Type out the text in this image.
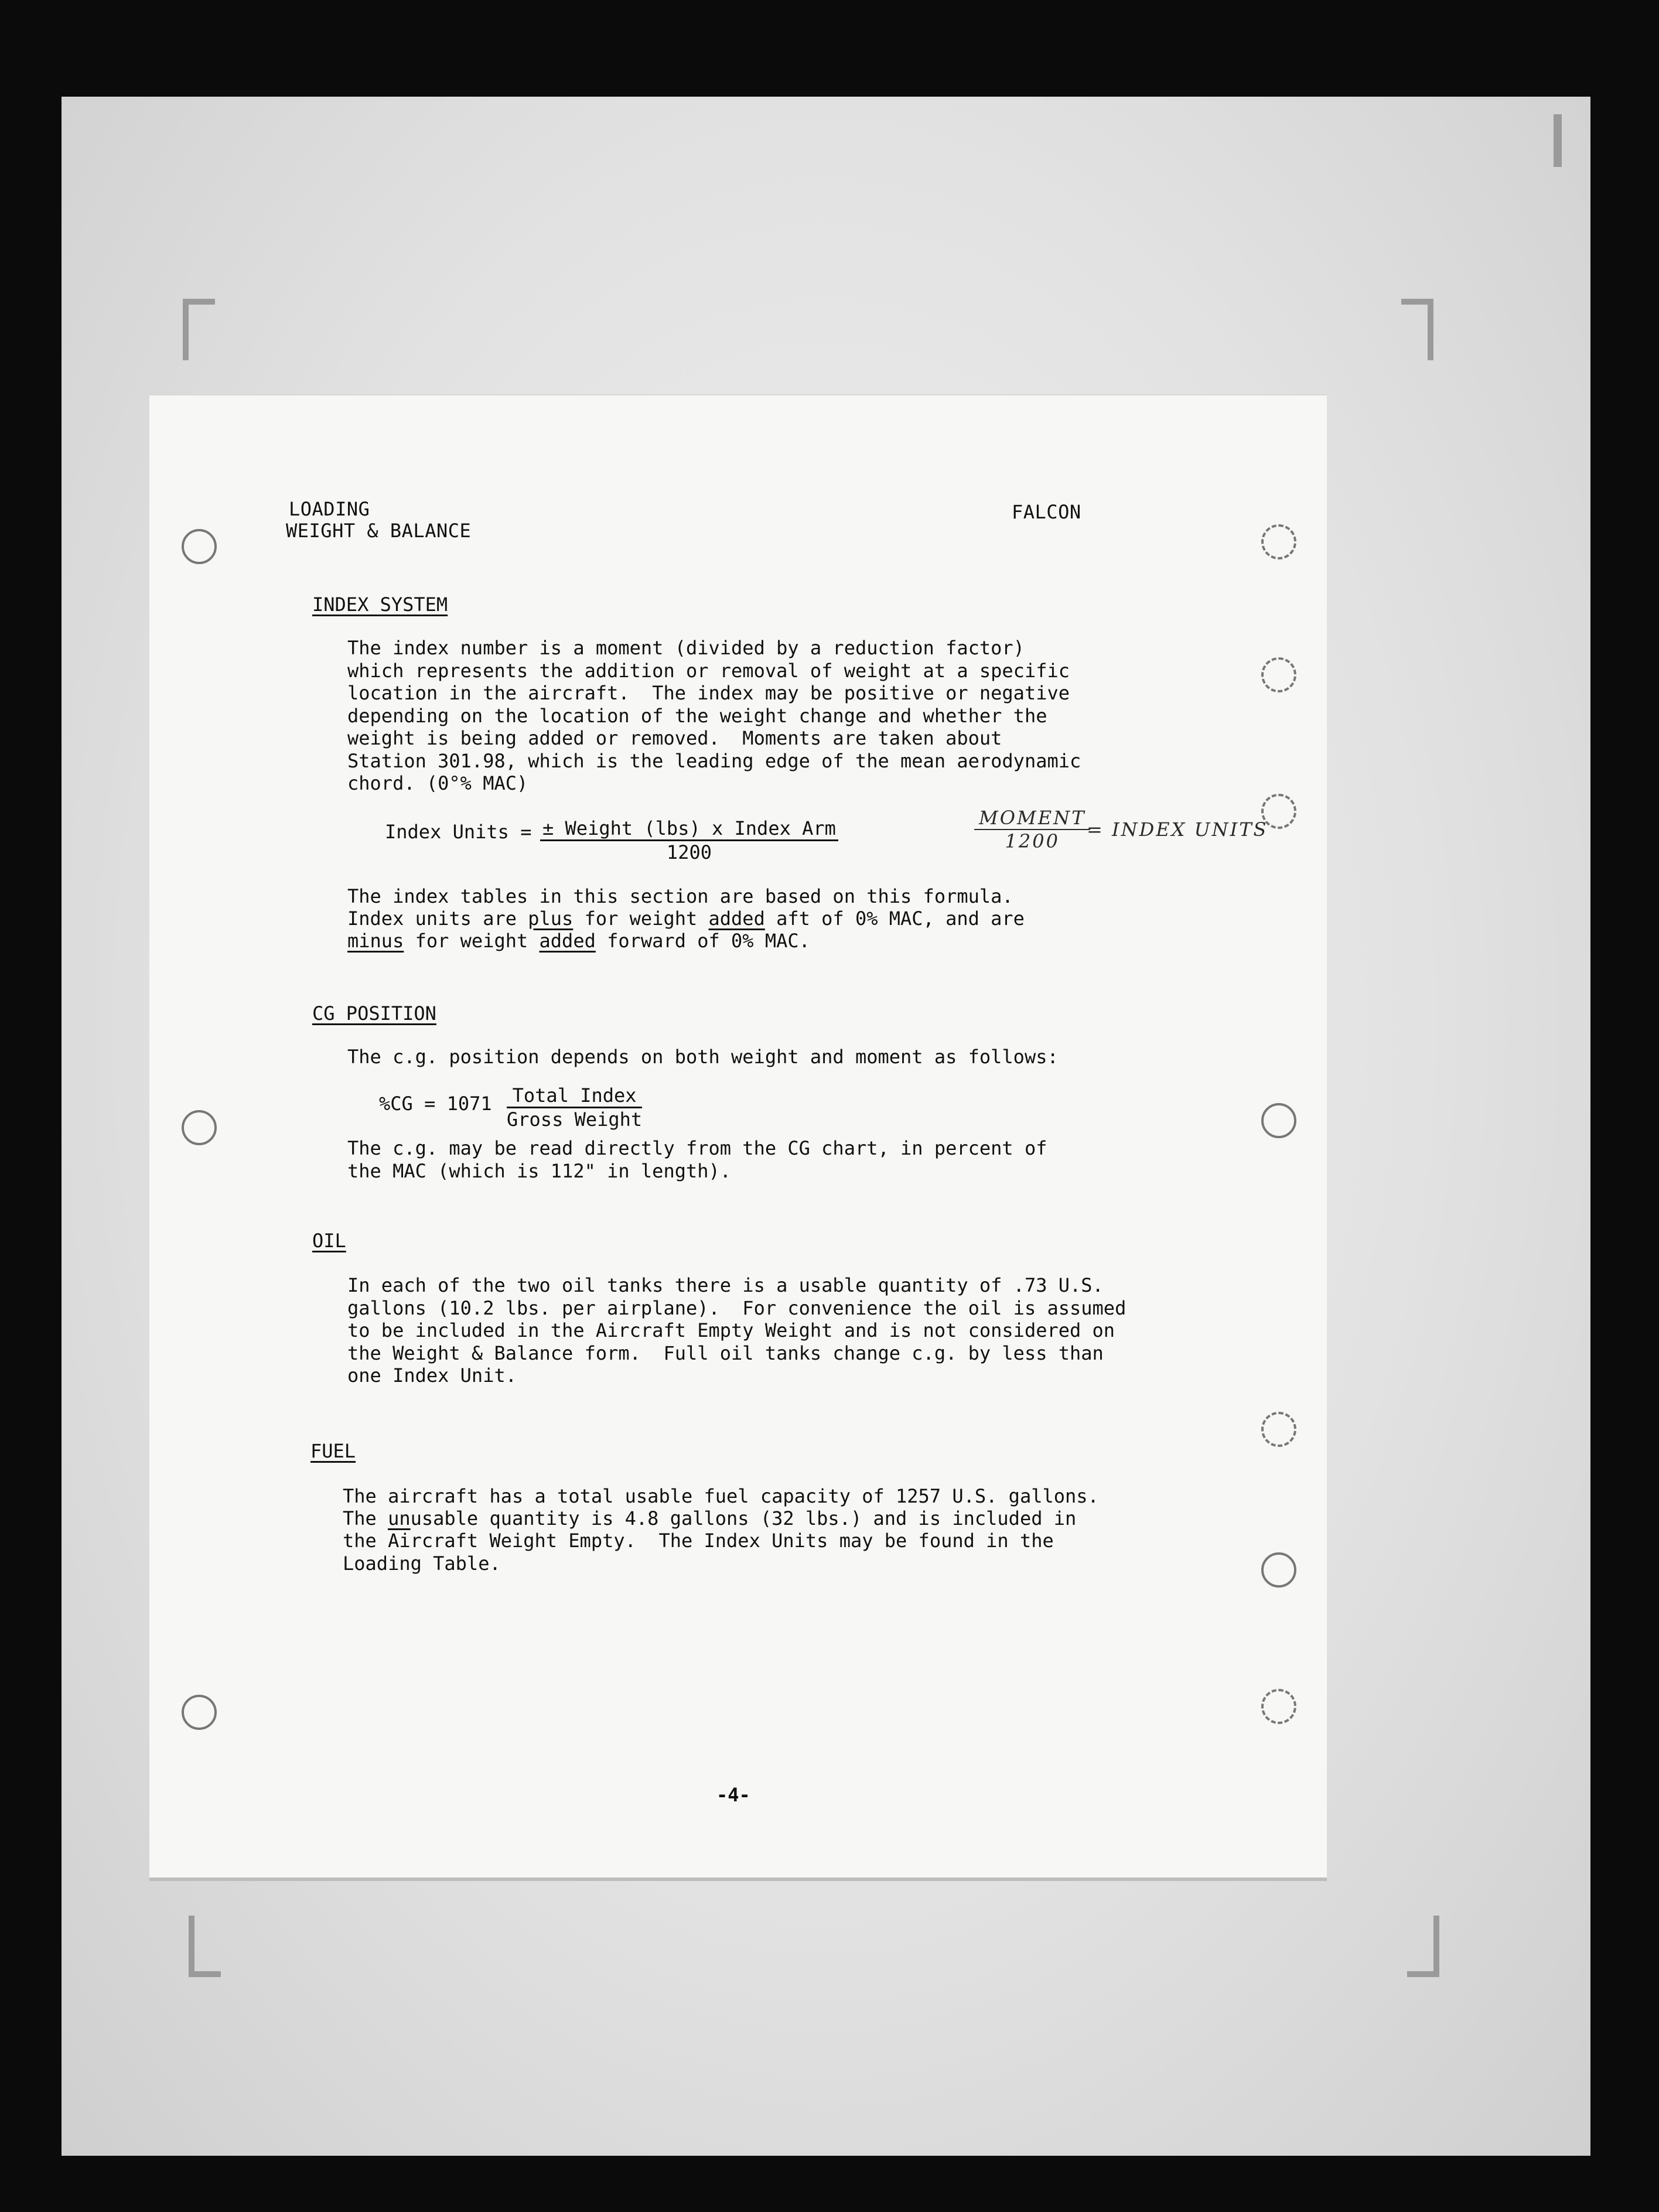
LOADING
WEIGHT & BALANCE
FALCON
INDEX SYSTEM
The index number is a moment (divided by a reduction factor)
which represents the addition or removal of weight at a specific
location in the aircraft.  The index may be positive or negative
depending on the location of the weight change and whether the
weight is being added or removed.  Moments are taken about
Station 301.98, which is the leading edge of the mean aerodynamic
chord. (0°% MAC)
Index Units = ± Weight (lbs) x Index Arm
1200
MOMENT
1200
= INDEX UNITS
The index tables in this section are based on this formula.
Index units are plus for weight added aft of 0% MAC, and are
minus for weight added forward of 0% MAC.
CG POSITION
The c.g. position depends on both weight and moment as follows:
%CG = 1071	Total Index
Gross Weight
The c.g. may be read directly from the CG chart, in percent of
the MAC (which is 112" in length).
OIL
In each of the two oil tanks there is a usable quantity of .73 U.S.
gallons (10.2 lbs. per airplane).  For convenience the oil is assumed
to be included in the Aircraft Empty Weight and is not considered on
the Weight & Balance form.  Full oil tanks change c.g. by less than
one Index Unit.
FUEL
The aircraft has a total usable fuel capacity of 1257 U.S. gallons.
The unusable quantity is 4.8 gallons (32 lbs.) and is included in
the Aircraft Weight Empty.  The Index Units may be found in the
Loading Table.
-4-
